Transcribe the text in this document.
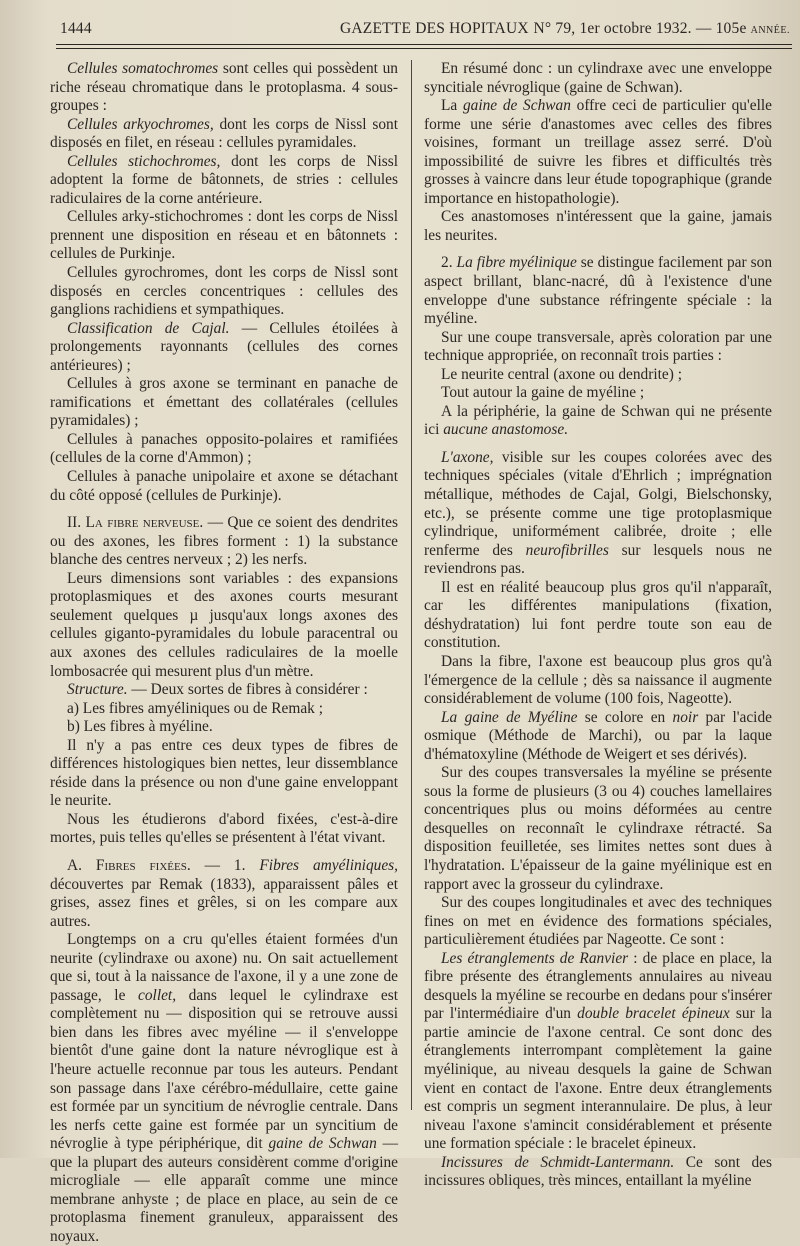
1444	GAZETTE DES HOPITAUX N° 79, 1er octobre 1932. — 105e ANNÉE.

Cellules somatochromes sont celles qui possèdent un riche réseau chromatique dans le protoplasma. 4 sous-groupes :

Cellules arkyochromes, dont les corps de Nissl sont disposés en filet, en réseau : cellules pyramidales.

Cellules stichochromes, dont les corps de Nissl adoptent la forme de bâtonnets, de stries : cellules radiculaires de la corne antérieure.

Cellules arky-stichochromes : dont les corps de Nissl prennent une disposition en réseau et en bâtonnets : cellules de Purkinje.

Cellules gyrochromes, dont les corps de Nissl sont disposés en cercles concentriques : cellules des ganglions rachidiens et sympathiques.

Classification de Cajal. — Cellules étoilées à prolongements rayonnants (cellules des cornes antérieures) ;

Cellules à gros axone se terminant en panache de ramifications et émettant des collatérales (cellules pyramidales) ;

Cellules à panaches opposito-polaires et ramifiées (cellules de la corne d'Ammon) ;

Cellules à panache unipolaire et axone se détachant du côté opposé (cellules de Purkinje).

II. La fibre nerveuse. — Que ce soient des dendrites ou des axones, les fibres forment : 1) la substance blanche des centres nerveux ; 2) les nerfs.

Leurs dimensions sont variables : des expansions protoplasmiques et des axones courts mesurant seulement quelques µ jusqu'aux longs axones des cellules giganto-pyramidales du lobule paracentral ou aux axones des cellules radiculaires de la moelle lombosacrée qui mesurent plus d'un mètre.

Structure. — Deux sortes de fibres à considérer :

a) Les fibres amyéliniques ou de Remak ;

b) Les fibres à myéline.

Il n'y a pas entre ces deux types de fibres de différences histologiques bien nettes, leur dissemblance réside dans la présence ou non d'une gaine enveloppant le neurite.

Nous les étudierons d'abord fixées, c'est-à-dire mortes, puis telles qu'elles se présentent à l'état vivant.

A. Fibres fixées. — 1. Fibres amyéliniques, découvertes par Remak (1833), apparaissent pâles et grises, assez fines et grêles, si on les compare aux autres.

Longtemps on a cru qu'elles étaient formées d'un neurite (cylindraxe ou axone) nu. On sait actuellement que si, tout à la naissance de l'axone, il y a une zone de passage, le collet, dans lequel le cylindraxe est complètement nu — disposition qui se retrouve aussi bien dans les fibres avec myéline — il s'enveloppe bientôt d'une gaine dont la nature névroglique est à l'heure actuelle reconnue par tous les auteurs. Pendant son passage dans l'axe cérébro-médullaire, cette gaine est formée par un syncitium de névroglie centrale. Dans les nerfs cette gaine est formée par un syncitium de névroglie à type périphérique, dit gaine de Schwan — que la plupart des auteurs considèrent comme d'origine microgliale — elle apparaît comme une mince membrane anhyste ; de place en place, au sein de ce protoplasma finement granuleux, apparaissent des noyaux.

En résumé donc : un cylindraxe avec une enveloppe syncitiale névroglique (gaine de Schwan).

La gaine de Schwan offre ceci de particulier qu'elle forme une série d'anastomes avec celles des fibres voisines, formant un treillage assez serré. D'où impossibilité de suivre les fibres et difficultés très grosses à vaincre dans leur étude topographique (grande importance en histopathologie).

Ces anastomoses n'intéressent que la gaine, jamais les neurites.

2. La fibre myélinique se distingue facilement par son aspect brillant, blanc-nacré, dû à l'existence d'une enveloppe d'une substance réfringente spéciale : la myéline.

Sur une coupe transversale, après coloration par une technique appropriée, on reconnaît trois parties :

Le neurite central (axone ou dendrite) ;

Tout autour la gaine de myéline ;

A la périphérie, la gaine de Schwan qui ne présente ici aucune anastomose.

L'axone, visible sur les coupes colorées avec des techniques spéciales (vitale d'Ehrlich ; imprégnation métallique, méthodes de Cajal, Golgi, Bielschonsky, etc.), se présente comme une tige protoplasmique cylindrique, uniformément calibrée, droite ; elle renferme des neurofibrilles sur lesquels nous ne reviendrons pas.

Il est en réalité beaucoup plus gros qu'il n'apparaît, car les différentes manipulations (fixation, déshydratation) lui font perdre toute son eau de constitution.

Dans la fibre, l'axone est beaucoup plus gros qu'à l'émergence de la cellule ; dès sa naissance il augmente considérablement de volume (100 fois, Nageotte).

La gaine de Myéline se colore en noir par l'acide osmique (Méthode de Marchi), ou par la laque d'hématoxyline (Méthode de Weigert et ses dérivés).

Sur des coupes transversales la myéline se présente sous la forme de plusieurs (3 ou 4) couches lamellaires concentriques plus ou moins déformées au centre desquelles on reconnaît le cylindraxe rétracté. Sa disposition feuilletée, ses limites nettes sont dues à l'hydratation. L'épaisseur de la gaine myélinique est en rapport avec la grosseur du cylindraxe.

Sur des coupes longitudinales et avec des techniques fines on met en évidence des formations spéciales, particulièrement étudiées par Nageotte. Ce sont :

Les étranglements de Ranvier : de place en place, la fibre présente des étranglements annulaires au niveau desquels la myéline se recourbe en dedans pour s'insérer par l'intermédiaire d'un double bracelet épineux sur la partie amincie de l'axone central. Ce sont donc des étranglements interrompant complètement la gaine myélinique, au niveau desquels la gaine de Schwan vient en contact de l'axone. Entre deux étranglements est compris un segment interannulaire. De plus, à leur niveau l'axone s'amincit considérablement et présente une formation spéciale : le bracelet épineux.

Incissures de Schmidt-Lantermann. Ce sont des incissures obliques, très minces, entaillant la myéline
